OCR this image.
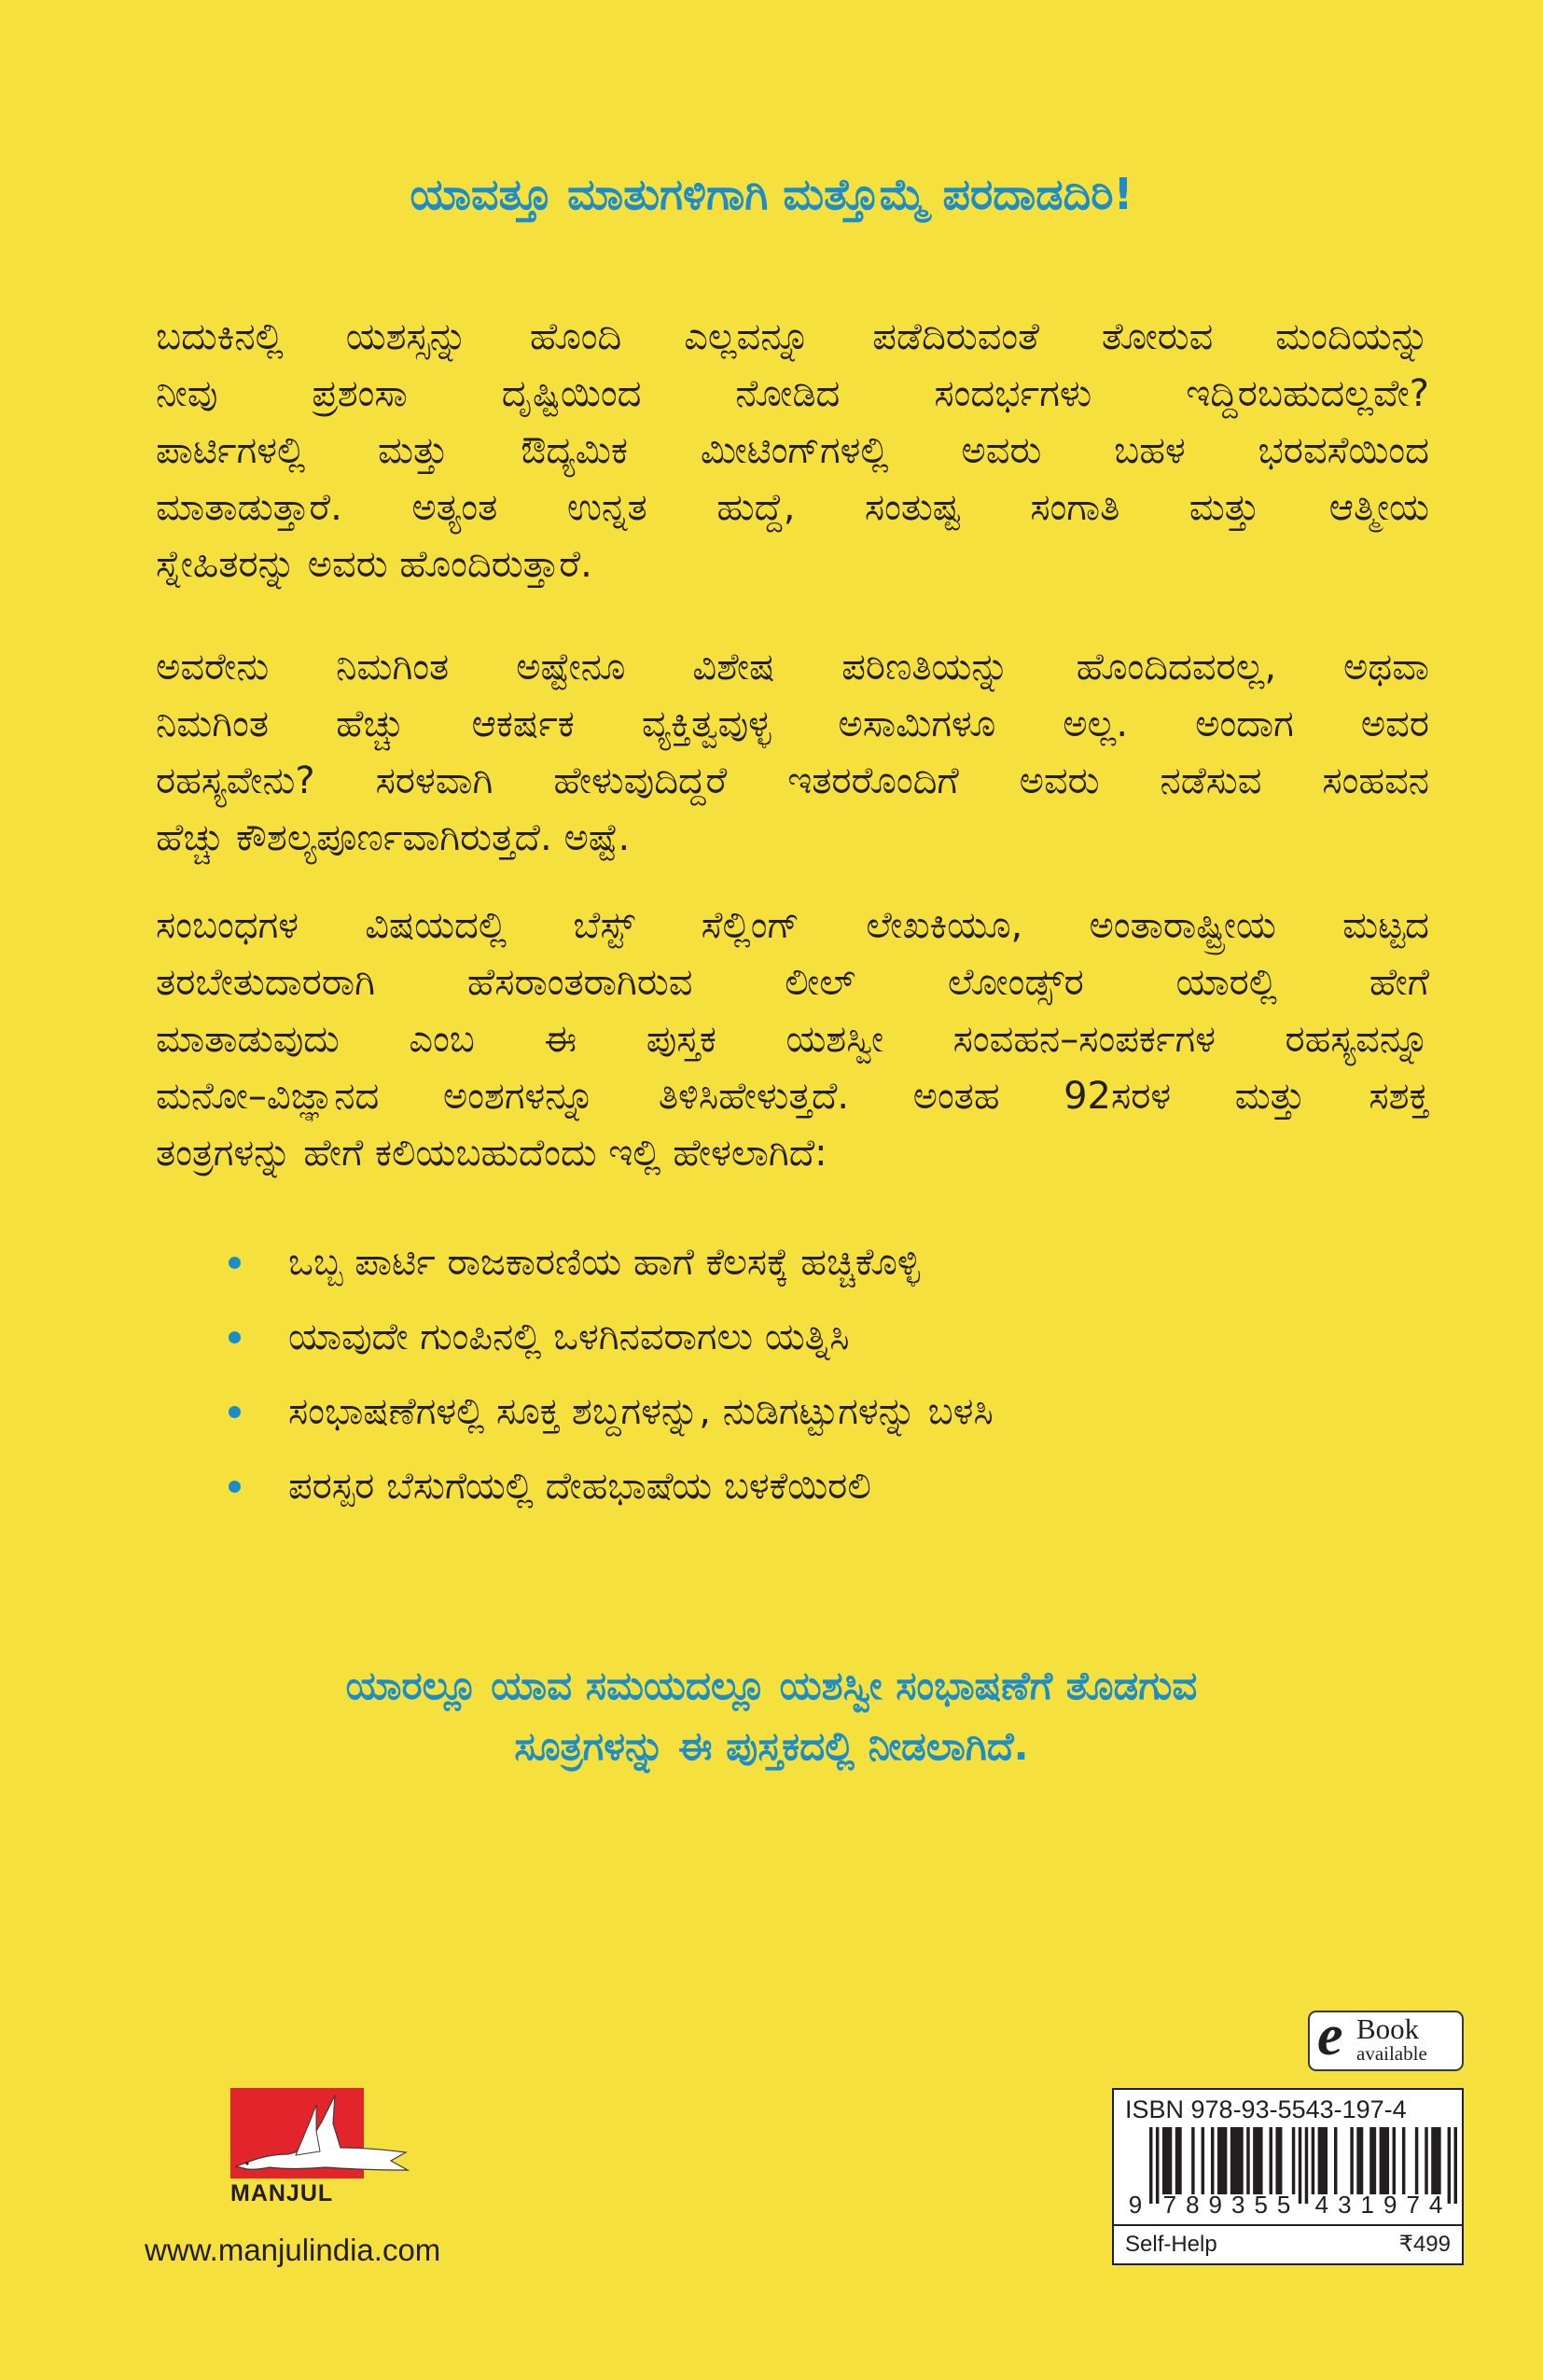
ಯಾವತ್ತೂ ಮಾತುಗಳಿಗಾಗಿ ಮತ್ತೊಮ್ಮೆ ಪರದಾಡದಿರಿ!
ಬದುಕಿನಲ್ಲಿ ಯಶಸ್ಸನ್ನು ಹೊಂದಿ ಎಲ್ಲವನ್ನೂ ಪಡೆದಿರುವಂತೆ ತೋರುವ ಮಂದಿಯನ್ನು
ನೀವು ಪ್ರಶಂಸಾ ದೃಷ್ಟಿಯಿಂದ ನೋಡಿದ ಸಂದರ್ಭಗಳು ಇದ್ದಿರಬಹುದಲ್ಲವೇ?
ಪಾರ್ಟಿಗಳಲ್ಲಿ ಮತ್ತು ಔದ್ಯಮಿಕ ಮೀಟಿಂಗ್‌ಗಳಲ್ಲಿ ಅವರು ಬಹಳ ಭರವಸೆಯಿಂದ
ಮಾತಾಡುತ್ತಾರೆ. ಅತ್ಯಂತ ಉನ್ನತ ಹುದ್ದೆ, ಸಂತುಷ್ಟ ಸಂಗಾತಿ ಮತ್ತು ಆತ್ಮೀಯ
ಸ್ನೇಹಿತರನ್ನು ಅವರು ಹೊಂದಿರುತ್ತಾರೆ.
ಅವರೇನು ನಿಮಗಿಂತ ಅಷ್ಟೇನೂ ವಿಶೇಷ ಪರಿಣತಿಯನ್ನು ಹೊಂದಿದವರಲ್ಲ, ಅಥವಾ
ನಿಮಗಿಂತ ಹೆಚ್ಚು ಆಕರ್ಷಕ ವ್ಯಕ್ತಿತ್ವವುಳ್ಳ ಅಸಾಮಿಗಳೂ ಅಲ್ಲ. ಅಂದಾಗ ಅವರ
ರಹಸ್ಯವೇನು? ಸರಳವಾಗಿ ಹೇಳುವುದಿದ್ದರೆ ಇತರರೊಂದಿಗೆ ಅವರು ನಡೆಸುವ ಸಂಹವನ
ಹೆಚ್ಚು ಕೌಶಲ್ಯಪೂರ್ಣವಾಗಿರುತ್ತದೆ. ಅಷ್ಟೆ.
ಸಂಬಂಧಗಳ ವಿಷಯದಲ್ಲಿ ಬೆಸ್ಟ್ ಸೆಲ್ಲಿಂಗ್ ಲೇಖಕಿಯೂ, ಅಂತಾರಾಷ್ಟ್ರೀಯ ಮಟ್ಟದ
ತರಬೇತುದಾರರಾಗಿ ಹೆಸರಾಂತರಾಗಿರುವ ಲೀಲ್ ಲೋಂಡ್ಸ್‌ರ ಯಾರಲ್ಲಿ ಹೇಗೆ
ಮಾತಾಡುವುದು ಎಂಬ ಈ ಪುಸ್ತಕ ಯಶಸ್ವೀ ಸಂವಹನ–ಸಂಪರ್ಕಗಳ ರಹಸ್ಯವನ್ನೂ
ಮನೋ–ವಿಜ್ಞಾನದ ಅಂಶಗಳನ್ನೂ ತಿಳಿಸಿಹೇಳುತ್ತದೆ. ಅಂತಹ 92ಸರಳ ಮತ್ತು ಸಶಕ್ತ
ತಂತ್ರಗಳನ್ನು ಹೇಗೆ ಕಲಿಯಬಹುದೆಂದು ಇಲ್ಲಿ ಹೇಳಲಾಗಿದೆ:
ಒಬ್ಬ ಪಾರ್ಟಿ ರಾಜಕಾರಣಿಯ ಹಾಗೆ ಕೆಲಸಕ್ಕೆ ಹಚ್ಚಿಕೊಳ್ಳಿ
ಯಾವುದೇ ಗುಂಪಿನಲ್ಲಿ ಒಳಗಿನವರಾಗಲು ಯತ್ನಿಸಿ
ಸಂಭಾಷಣೆಗಳಲ್ಲಿ ಸೂಕ್ತ ಶಬ್ದಗಳನ್ನು, ನುಡಿಗಟ್ಟುಗಳನ್ನು ಬಳಸಿ
ಪರಸ್ಪರ ಬೆಸುಗೆಯಲ್ಲಿ ದೇಹಭಾಷೆಯ ಬಳಕೆಯಿರಲಿ
ಯಾರಲ್ಲೂ ಯಾವ ಸಮಯದಲ್ಲೂ ಯಶಸ್ವೀ ಸಂಭಾಷಣೆಗೆ ತೊಡಗುವ
ಸೂತ್ರಗಳನ್ನು ಈ ಪುಸ್ತಕದಲ್ಲಿ ನೀಡಲಾಗಿದೆ.
e Book
available
ISBN 978-93-5543-197-4
9 789355 431974
Self-Help	₹499
MANJUL
www.manjulindia.com
